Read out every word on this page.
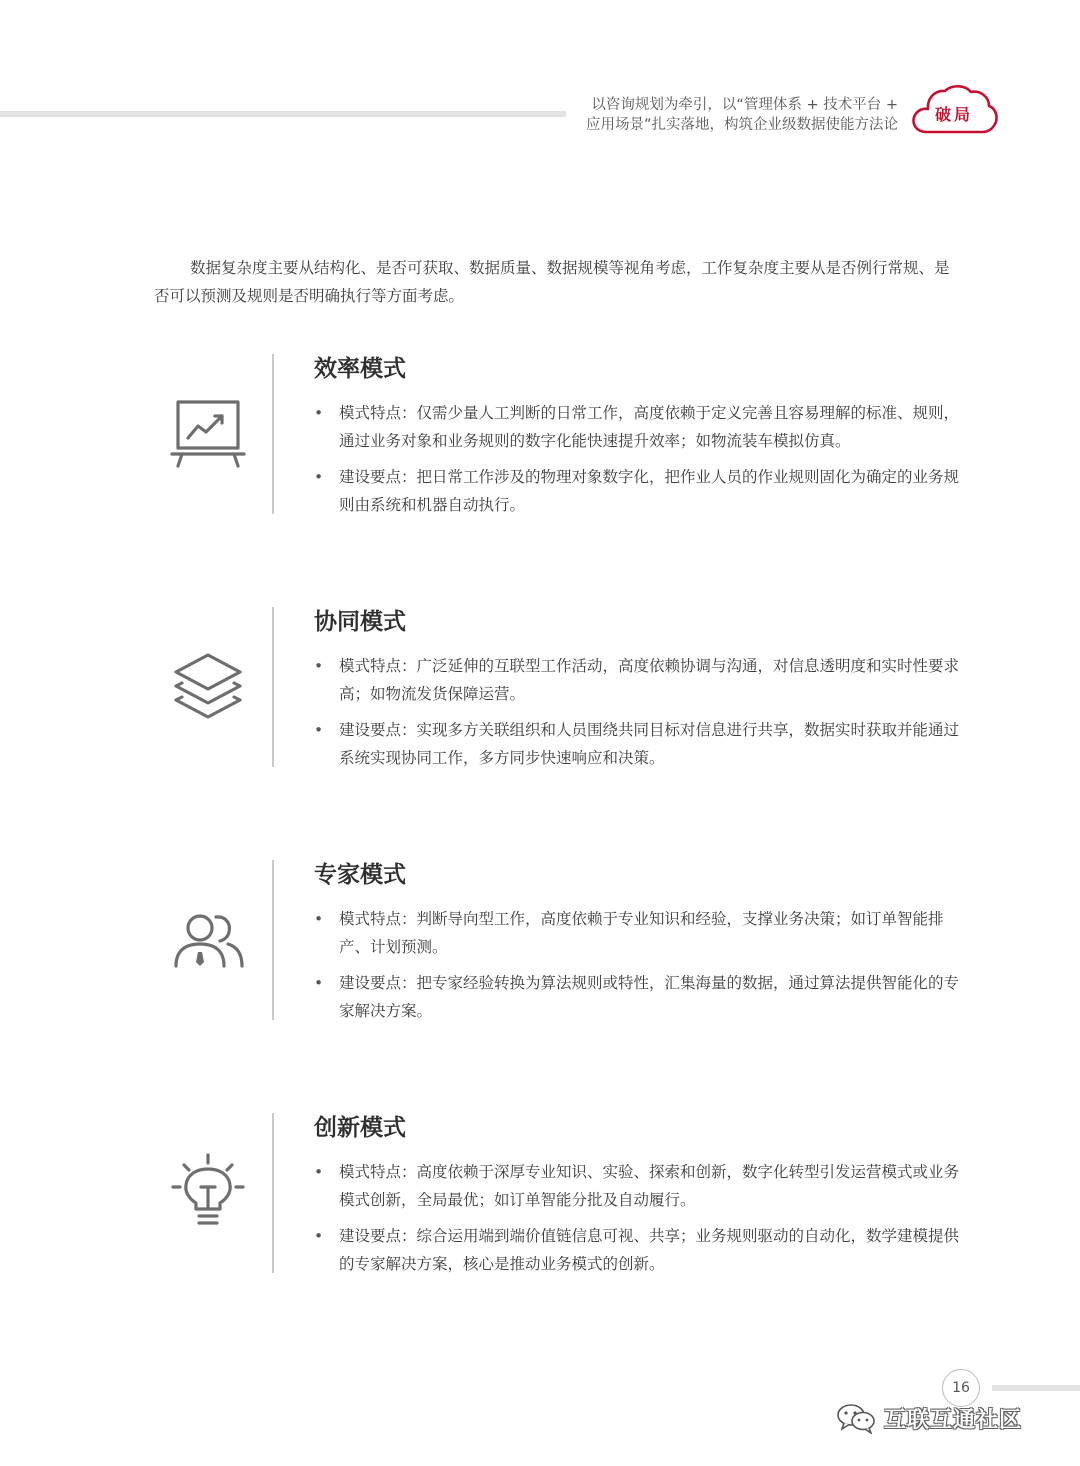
以咨询规划为牵引，以“管理体系 + 技术平台 +
应用场景”扎实落地，构筑企业级数据使能方法论
破局

数据复杂度主要从结构化、是否可获取、数据质量、数据规模等视角考虑，工作复杂度主要从是否例行常规、是否可以预测及规则是否明确执行等方面考虑。

效率模式
• 模式特点：仅需少量人工判断的日常工作，高度依赖于定义完善且容易理解的标准、规则，通过业务对象和业务规则的数字化能快速提升效率；如物流装车模拟仿真。
• 建设要点：把日常工作涉及的物理对象数字化，把作业人员的作业规则固化为确定的业务规则由系统和机器自动执行。
协同模式
• 模式特点：广泛延伸的互联型工作活动，高度依赖协调与沟通，对信息透明度和实时性要求高；如物流发货保障运营。
• 建设要点：实现多方关联组织和人员围绕共同目标对信息进行共享，数据实时获取并能通过系统实现协同工作，多方同步快速响应和决策。
专家模式
• 模式特点：判断导向型工作，高度依赖于专业知识和经验，支撑业务决策；如订单智能排产、计划预测。
• 建设要点：把专家经验转换为算法规则或特性，汇集海量的数据，通过算法提供智能化的专家解决方案。
创新模式
• 模式特点：高度依赖于深厚专业知识、实验、探索和创新，数字化转型引发运营模式或业务模式创新，全局最优；如订单智能分批及自动履行。
• 建设要点：综合运用端到端价值链信息可视、共享；业务规则驱动的自动化，数学建模提供的专家解决方案，核心是推动业务模式的创新。
16
互联互通社区
